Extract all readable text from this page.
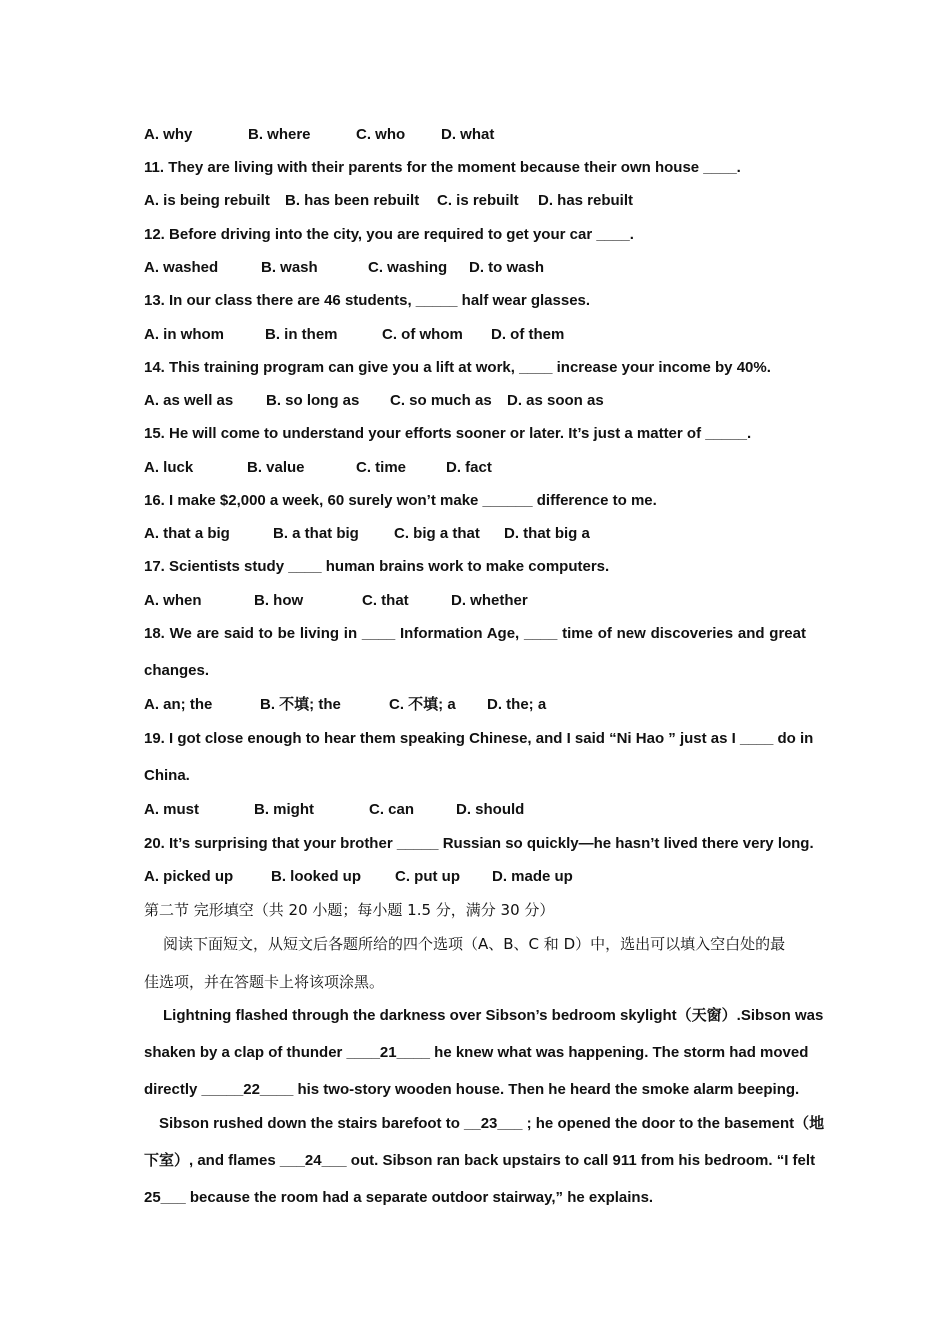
A. why	B. where	C. who D. what
11. They are living with their parents for the moment because their own house ____.
A. is being rebuilt B. has been rebuilt C. is rebuilt D. has rebuilt
12. Before driving into the city, you are required to get your car ____.
A. washed	B. wash	C. washing D. to wash
13. In our class there are 46 students, _____ half wear glasses.
A. in whom	B. in them	C. of whom D. of them
14. This training program can give you a lift at work, ____ increase your income by 40%.
A. as well as B. so long as C. so much as D. as soon as
15. He will come to understand your efforts sooner or later. It’s just a matter of _____.
A. luck	B. value	C. time	D. fact
16. I make $2,000 a week, 60 surely won’t make ______ difference to me.
A. that a big	B. a that big C. big a that D. that big a
17. Scientists study ____ human brains work to make computers.
A. when	B. how	C. that	D. whether
18. We are said to be living in ____ Information Age, ____ time of new discoveries and great
changes.
A. an; the	B. 不填; the	C. 不填; a D. the; a
19. I got close enough to hear them speaking Chinese, and I said “Ni Hao ” just as I ____ do in
China.
A. must	B. might	C. can	D. should
20. It’s surprising that your brother _____ Russian so quickly—he hasn’t lived there very long.
A. picked up	B. looked up C. put up D. made up
第二节 完形填空（共 20 小题；每小题 1.5 分，满分 30 分）
阅读下面短文，从短文后各题所给的四个选项（A、B、C 和 D）中，选出可以填入空白处的最
佳选项，并在答题卡上将该项涂黑。
Lightning flashed through the darkness over Sibson’s bedroom skylight（天窗）.Sibson was
shaken by a clap of thunder ____21____ he knew what was happening. The storm had moved
directly _____22____ his two-story wooden house. Then he heard the smoke alarm beeping.
Sibson rushed down the stairs barefoot to __23___ ; he opened the door to the basement（地
下室）, and flames ___24___ out. Sibson ran back upstairs to call 911 from his bedroom. “I felt
25___ because the room had a separate outdoor stairway,” he explains.
